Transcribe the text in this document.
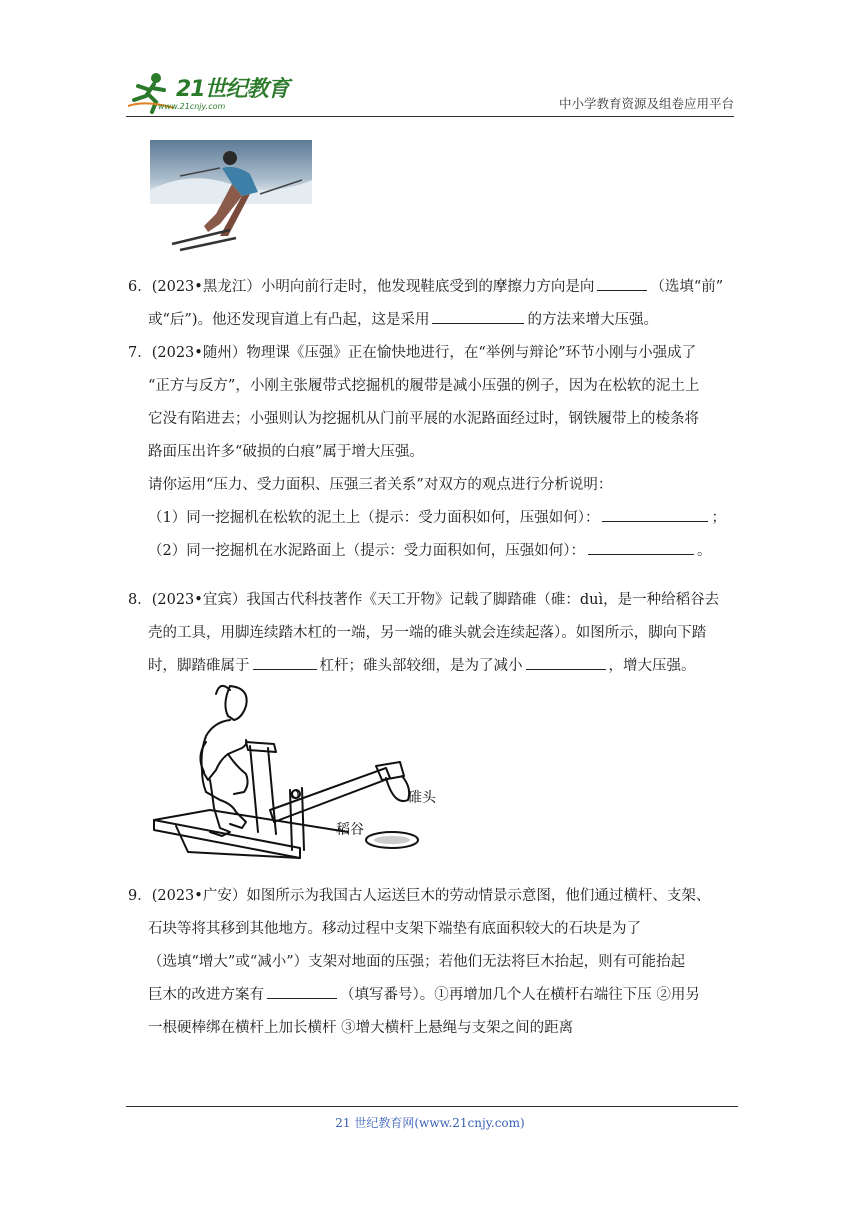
21世纪教育
www.21cnjy.com	中小学教育资源及组卷应用平台
6．(2023•黑龙江）小明向前行走时，他发现鞋底受到的摩擦力方向是向	（选填“前”
或“后”)。他还发现盲道上有凸起，这是采用	的方法来增大压强。
7．(2023•随州）物理课《压强》正在愉快地进行，在“举例与辩论”环节小刚与小强成了
“正方与反方”，小刚主张履带式挖掘机的履带是减小压强的例子，因为在松软的泥土上
它没有陷进去；小强则认为挖掘机从门前平展的水泥路面经过时，钢铁履带上的棱条将
路面压出许多“破损的白痕”属于增大压强。
请你运用“压力、受力面积、压强三者关系”对双方的观点进行分析说明：
（1）同一挖掘机在松软的泥土上（提示：受力面积如何，压强如何）：	；
（2）同一挖掘机在水泥路面上（提示：受力面积如何，压强如何）：	。
8．(2023•宜宾）我国古代科技著作《天工开物》记载了脚踏碓（碓：duì，是一种给稻谷去
壳的工具，用脚连续踏木杠的一端，另一端的碓头就会连续起落）。如图所示，脚向下踏
时，脚踏碓属于	杠杆；碓头部较细，是为了减小	，增大压强。
O	碓头
稻谷
9．(2023•广安）如图所示为我国古人运送巨木的劳动情景示意图，他们通过横杆、支架、
石块等将其移到其他地方。移动过程中支架下端垫有底面积较大的石块是为了
（选填“增大”或“减小”）支架对地面的压强；若他们无法将巨木抬起，则有可能抬起
巨木的改进方案有	（填写番号）。①再增加几个人在横杆右端往下压 ②用另
一根硬棒绑在横杆上加长横杆 ③增大横杆上悬绳与支架之间的距离
21 世纪教育网(www.21cnjy.com)
